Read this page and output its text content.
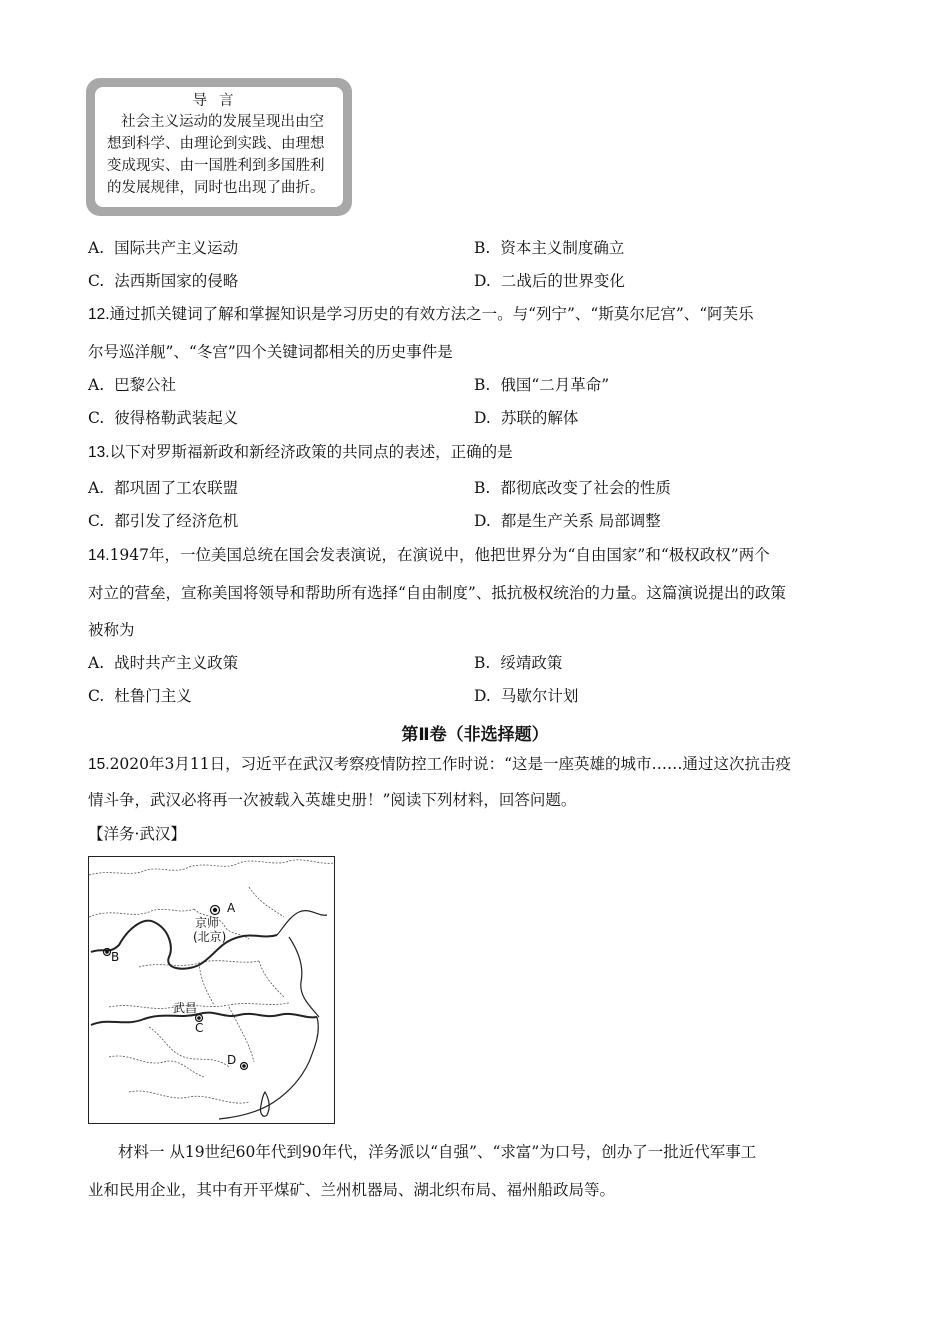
导言
社会主义运动的发展呈现出由空
想到科学、由理论到实践、由理想
变成现实、由一国胜利到多国胜利
的发展规律，同时也出现了曲折。
A. 国际共产主义运动	B. 资本主义制度确立
C. 法西斯国家的侵略	D. 二战后的世界变化
12.通过抓关键词了解和掌握知识是学习历史的有效方法之一。与“列宁”、“斯莫尔尼宫”、“阿芙乐
尔号巡洋舰”、“冬宫”四个关键词都相关的历史事件是
A. 巴黎公社	B. 俄国“二月革命”
C. 彼得格勒武装起义	D. 苏联的解体
13.以下对罗斯福新政和新经济政策的共同点的表述，正确的是
A. 都巩固了工农联盟	B. 都彻底改变了社会的性质
C. 都引发了经济危机	D. 都是生产关系 局部调整
14.1947年，一位美国总统在国会发表演说，在演说中，他把世界分为“自由国家”和“极权政权”两个
对立的营垒，宣称美国将领导和帮助所有选择“自由制度”、抵抗极权统治的力量。这篇演说提出的政策
被称为
A. 战时共产主义政策	B. 绥靖政策
C. 杜鲁门主义	D. 马歇尔计划
第Ⅱ卷（非选择题）
15.2020年3月11日，习近平在武汉考察疫情防控工作时说：“这是一座英雄的城市……通过这次抗击疫
情斗争，武汉必将再一次被载入英雄史册！”阅读下列材料，回答问题。
【洋务·武汉】
A
B
C
D
京师
(北京)
武昌
材料一 从19世纪60年代到90年代，洋务派以“自强”、“求富”为口号，创办了一批近代军事工
业和民用企业，其中有开平煤矿、兰州机器局、湖北织布局、福州船政局等。
